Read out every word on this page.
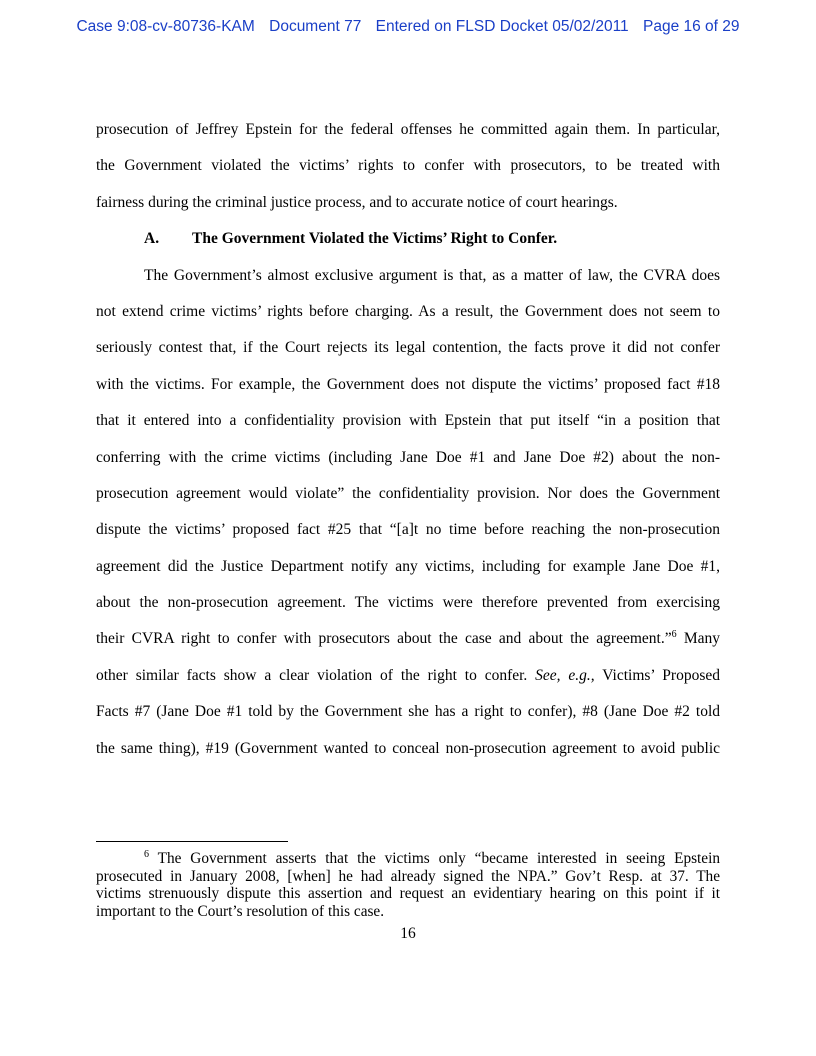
Case 9:08-cv-80736-KAM Document 77 Entered on FLSD Docket 05/02/2011 Page 16 of 29
prosecution of Jeffrey Epstein for the federal offenses he committed again them. In particular,
the Government violated the victims’ rights to confer with prosecutors, to be treated with
fairness during the criminal justice process, and to accurate notice of court hearings.
A. The Government Violated the Victims’ Right to Confer.
The Government’s almost exclusive argument is that, as a matter of law, the CVRA does
not extend crime victims’ rights before charging. As a result, the Government does not seem to
seriously contest that, if the Court rejects its legal contention, the facts prove it did not confer
with the victims. For example, the Government does not dispute the victims’ proposed fact #18
that it entered into a confidentiality provision with Epstein that put itself “in a position that
conferring with the crime victims (including Jane Doe #1 and Jane Doe #2) about the non-
prosecution agreement would violate” the confidentiality provision. Nor does the Government
dispute the victims’ proposed fact #25 that “[a]t no time before reaching the non-prosecution
agreement did the Justice Department notify any victims, including for example Jane Doe #1,
about the non-prosecution agreement. The victims were therefore prevented from exercising
their CVRA right to confer with prosecutors about the case and about the agreement.”$^6$ Many
other similar facts show a clear violation of the right to confer. See, e.g., Victims’ Proposed
Facts #7 (Jane Doe #1 told by the Government she has a right to confer), #8 (Jane Doe #2 told
the same thing), #19 (Government wanted to conceal non-prosecution agreement to avoid public
$^6$ The Government asserts that the victims only “became interested in seeing Epstein
prosecuted in January 2008, [when] he had already signed the NPA.” Gov’t Resp. at 37. The
victims strenuously dispute this assertion and request an evidentiary hearing on this point if it
important to the Court’s resolution of this case.
16
